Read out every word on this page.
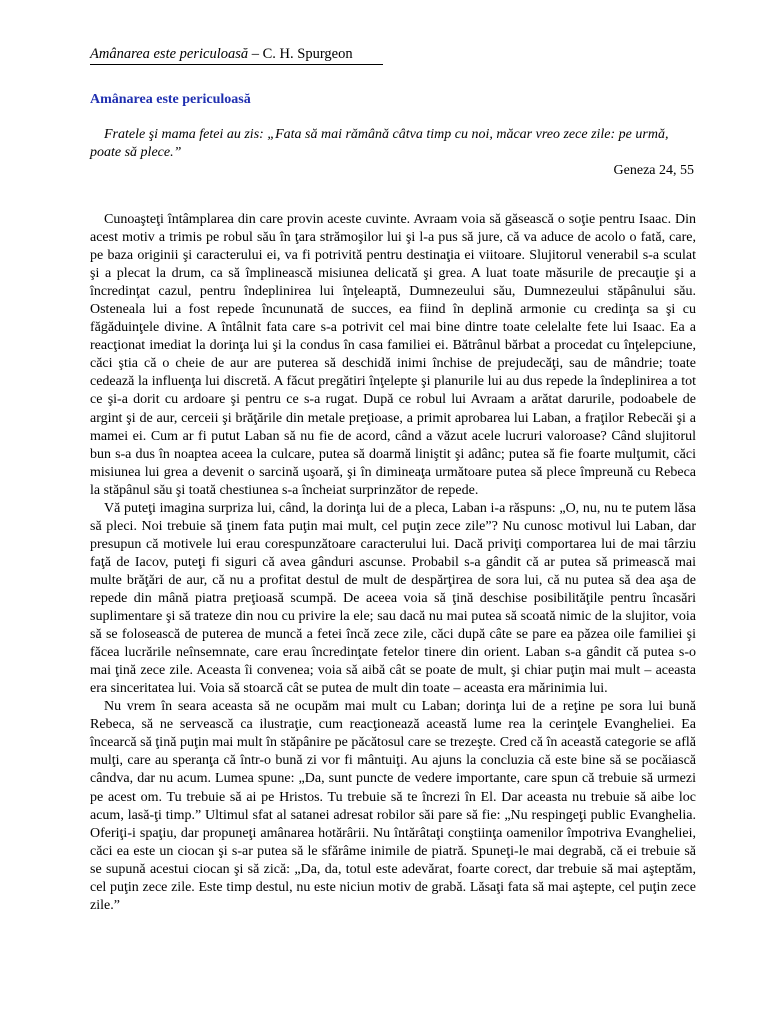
Amânarea este periculoasă – C. H. Spurgeon
Amânarea este periculoasă

Fratele şi mama fetei au zis: „Fata să mai rămână câtva timp cu noi, măcar vreo zece zile: pe urmă, poate să plece.”

Geneza 24, 55

Cunoaşteţi întâmplarea din care provin aceste cuvinte. Avraam voia să găsească o soţie pentru Isaac. Din acest motiv a trimis pe robul său în ţara strămoşilor lui şi l-a pus să jure, că va aduce de acolo o fată, care, pe baza originii şi caracterului ei, va fi potrivită pentru destinaţia ei viitoare. Slujitorul venerabil s-a sculat şi a plecat la drum, ca să împlinească misiunea delicată şi grea. A luat toate măsurile de precauţie şi a încredinţat cazul, pentru îndeplinirea lui înţeleaptă, Dumnezeului său, Dumnezeului stăpânului său. Osteneala lui a fost repede încununată de succes, ea fiind în deplină armonie cu credinţa sa şi cu făgăduinţele divine. A întâlnit fata care s-a potrivit cel mai bine dintre toate celelalte fete lui Isaac. Ea a reacţionat imediat la dorinţa lui şi la condus în casa familiei ei. Bătrânul bărbat a procedat cu înţelepciune, căci ştia că o cheie de aur are puterea să deschidă inimi închise de prejudecăţi, sau de mândrie; toate cedează la influenţa lui discretă. A făcut pregătiri înţelepte şi planurile lui au dus repede la îndeplinirea a tot ce şi-a dorit cu ardoare şi pentru ce s-a rugat. După ce robul lui Avraam a arătat darurile, podoabele de argint şi de aur, cerceii şi brăţările din metale preţioase, a primit aprobarea lui Laban, a fraţilor Rebecăi şi a mamei ei. Cum ar fi putut Laban să nu fie de acord, când a văzut acele lucruri valoroase? Când slujitorul bun s-a dus în noaptea aceea la culcare, putea să doarmă liniştit şi adânc; putea să fie foarte mulţumit, căci misiunea lui grea a devenit o sarcină uşoară, şi în dimineaţa următoare putea să plece împreună cu Rebeca la stăpânul său şi toată chestiunea s-a încheiat surprinzător de repede.

Vă puteţi imagina surpriza lui, când, la dorinţa lui de a pleca, Laban i-a răspuns: „O, nu, nu te putem lăsa să pleci. Noi trebuie să ţinem fata puţin mai mult, cel puţin zece zile”? Nu cunosc motivul lui Laban, dar presupun că motivele lui erau corespunzătoare caracterului lui. Dacă priviţi comportarea lui de mai târziu faţă de Iacov, puteţi fi siguri că avea gânduri ascunse. Probabil s-a gândit că ar putea să primească mai multe brăţări de aur, că nu a profitat destul de mult de despărţirea de sora lui, că nu putea să dea aşa de repede din mână piatra preţioasă scumpă. De aceea voia să ţină deschise posibilităţile pentru încasări suplimentare şi să trateze din nou cu privire la ele; sau dacă nu mai putea să scoată nimic de la slujitor, voia să se folosească de puterea de muncă a fetei încă zece zile, căci după câte se pare ea păzea oile familiei şi făcea lucrările neînsemnate, care erau încredinţate fetelor tinere din orient. Laban s-a gândit că putea s-o mai ţină zece zile. Aceasta îi convenea; voia să aibă cât se poate de mult, şi chiar puţin mai mult – aceasta era sinceritatea lui. Voia să stoarcă cât se putea de mult din toate – aceasta era mărinimia lui.

Nu vrem în seara aceasta să ne ocupăm mai mult cu Laban; dorinţa lui de a reţine pe sora lui bună Rebeca, să ne servească ca ilustraţie, cum reacţionează această lume rea la cerinţele Evangheliei. Ea încearcă să ţină puţin mai mult în stăpânire pe păcătosul care se trezeşte. Cred că în această categorie se află mulţi, care au speranţa că într-o bună zi vor fi mântuiţi. Au ajuns la concluzia că este bine să se pocăiască cândva, dar nu acum. Lumea spune: „Da, sunt puncte de vedere importante, care spun că trebuie să urmezi pe acest om. Tu trebuie să ai pe Hristos. Tu trebuie să te încrezi în El. Dar aceasta nu trebuie să aibe loc acum, lasă-ţi timp.” Ultimul sfat al satanei adresat robilor săi pare să fie: „Nu respingeţi public Evanghelia. Oferiţi-i spaţiu, dar propuneţi amânarea hotărârii. Nu întărâtaţi conştiinţa oamenilor împotriva Evangheliei, căci ea este un ciocan şi s-ar putea să le sfărâme inimile de piatră. Spuneţi-le mai degrabă, că ei trebuie să se supună acestui ciocan şi să zică: „Da, da, totul este adevărat, foarte corect, dar trebuie să mai aşteptăm, cel puţin zece zile. Este timp destul, nu este niciun motiv de grabă. Lăsaţi fata să mai aştepte, cel puţin zece zile.”
